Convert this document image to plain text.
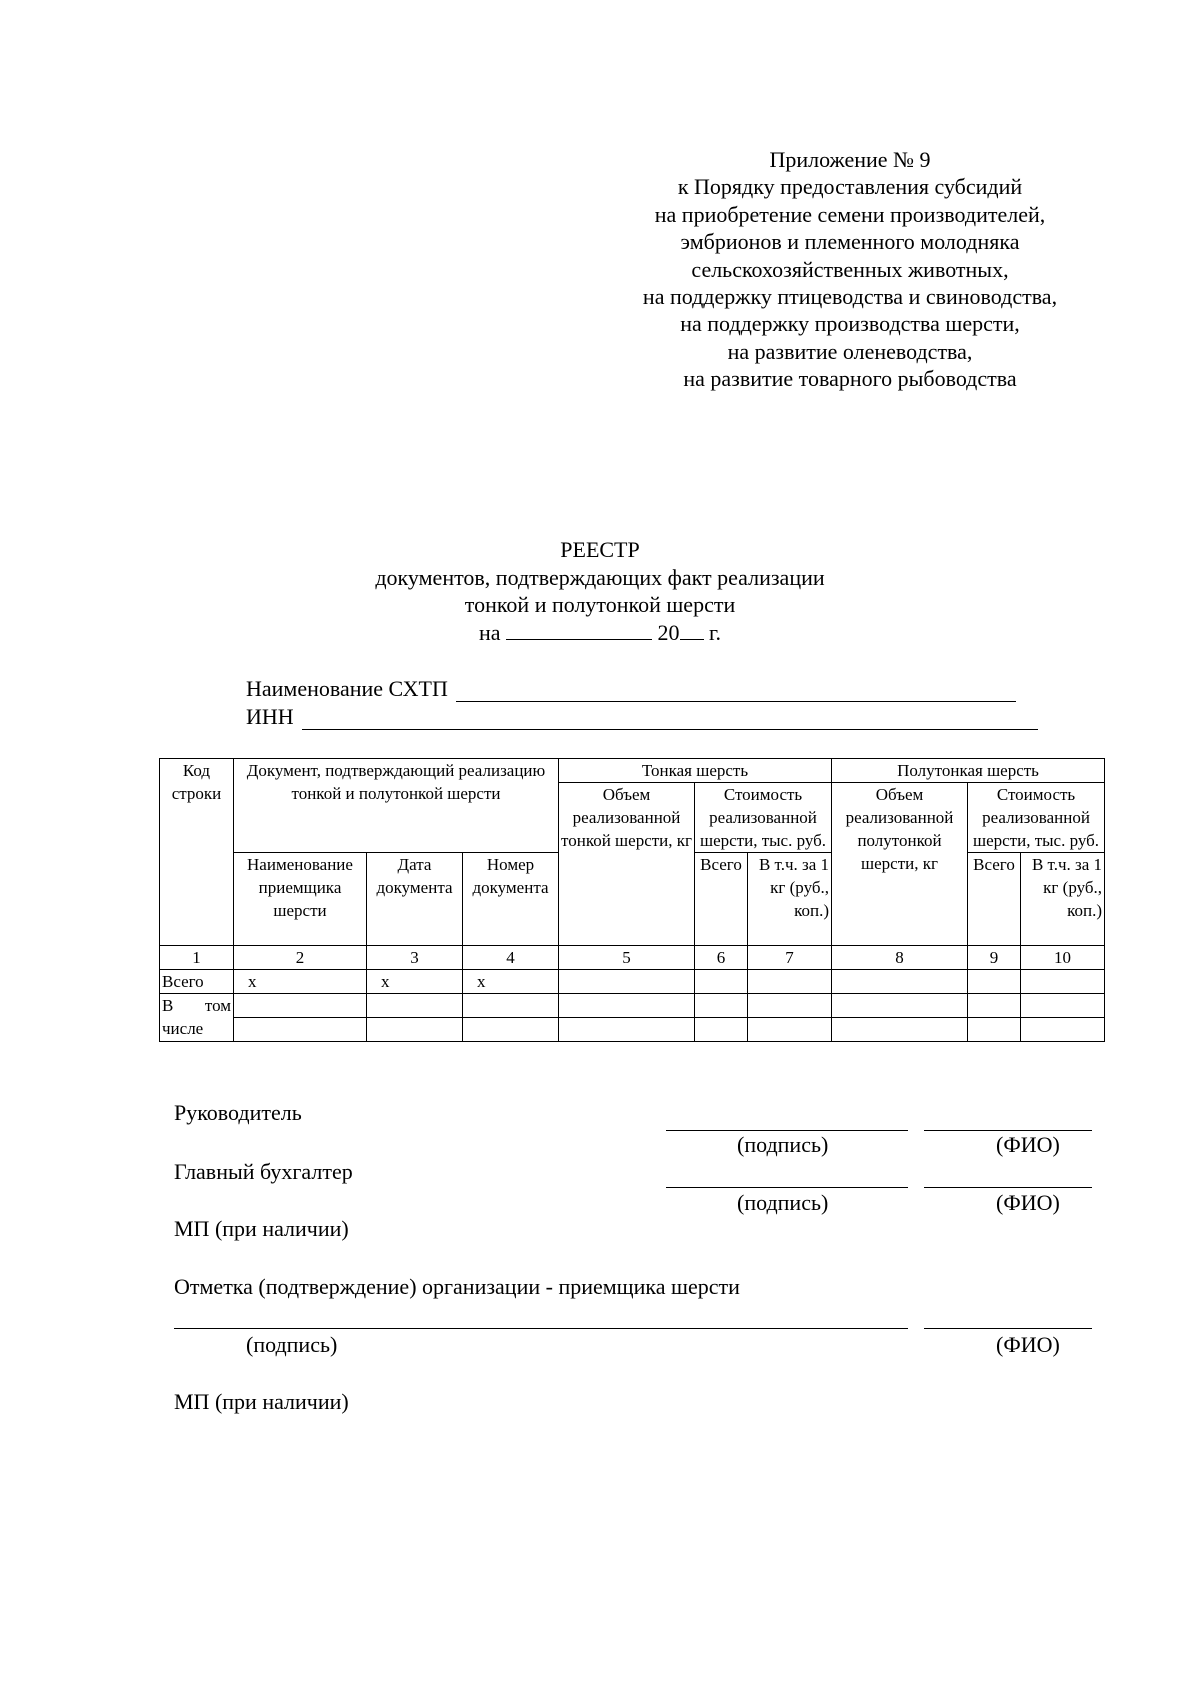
Приложение № 9
к Порядку предоставления субсидий
на приобретение семени производителей,
эмбрионов и племенного молодняка
сельскохозяйственных животных,
на поддержку птицеводства и свиноводства,
на поддержку производства шерсти,
на развитие оленеводства,
на развитие товарного рыбоводства
РЕЕСТР
документов, подтверждающих факт реализации
тонкой и полутонкой шерсти
на	20 г.
Наименование СХТП
ИНН
Код строки	Документ, подтверждающий реализацию тонкой и полутонкой шерсти			Тонкая шерсть			Полутонкая шерсть		
				Объем реализованной тонкой шерсти, кг	Стоимость реализованной шерсти, тыс. руб.		Объем реализованной полутонкой шерсти, кг	Стоимость реализованной шерсти, тыс. руб.	
	Наименование приемщика шерсти	Дата документа	Номер документа		Всего	В т.ч. за 1 кг (руб., коп.)		Всего	В т.ч. за 1 кг (руб., коп.)

1	2	3	4	5	6	7	8	9	10
Всего	х	х	х						

В том
числе									

Руководитель
(подпись)	(ФИО)
Главный бухгалтер
(подпись)	(ФИО)
МП (при наличии)
Отметка (подтверждение) организации - приемщика шерсти
(подпись)	(ФИО)
МП (при наличии)
